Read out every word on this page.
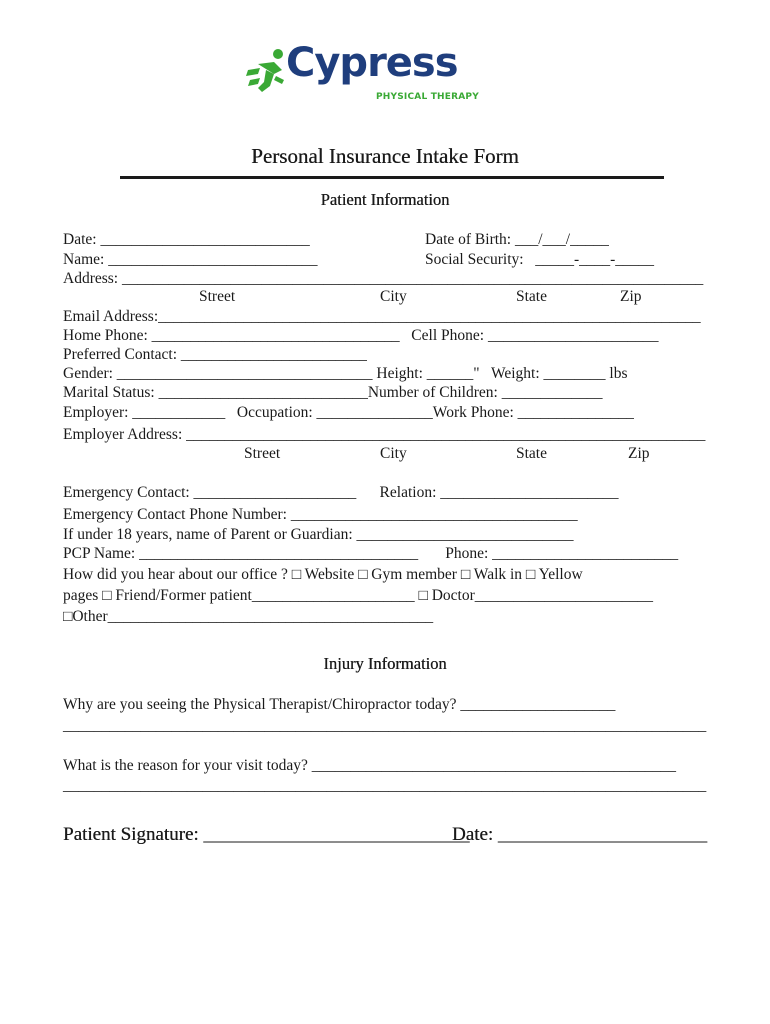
Cypress
PHYSICAL THERAPY
Personal Insurance Intake Form
Patient Information
Date: ___________________________	Date of Birth: ___/___/_____
Name: ___________________________	Social Security:   _____-____-_____
Address: ___________________________________________________________________________
Street	City	State	Zip
Email Address:______________________________________________________________________
Home Phone: ________________________________   Cell Phone: ______________________
Preferred Contact: ________________________
Gender: _________________________________ Height: ______"   Weight: ________ lbs
Marital Status: ___________________________Number of Children: _____________
Employer: ____________   Occupation: _______________Work Phone: _______________
Employer Address: ___________________________________________________________________
Street	City	State	Zip
Emergency Contact: _____________________      Relation: _______________________
Emergency Contact Phone Number: _____________________________________
If under 18 years, name of Parent or Guardian: ____________________________
PCP Name: ____________________________________       Phone: ________________________
How did you hear about our office ? □ Website □ Gym member □ Walk in □ Yellow
pages □ Friend/Former patient_____________________ □ Doctor_______________________
□Other__________________________________________
Injury Information
Why are you seeing the Physical Therapist/Chiropractor today? ____________________
___________________________________________________________________________________
What is the reason for your visit today? _______________________________________________
___________________________________________________________________________________
Patient Signature: ____________________________
Date: ______________________
